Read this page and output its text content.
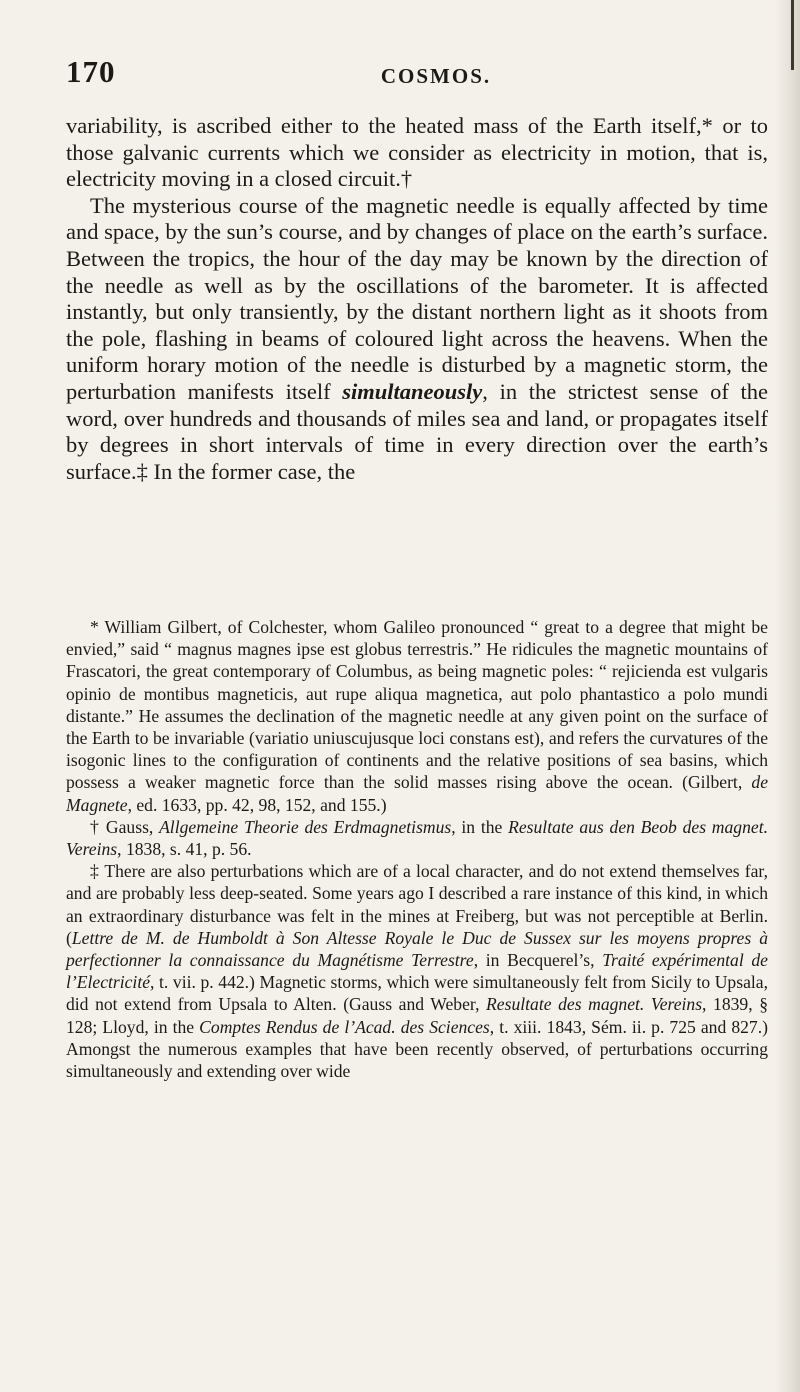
170	COSMOS.

variability, is ascribed either to the heated mass of the Earth itself,* or to those galvanic currents which we consider as electricity in motion, that is, electricity moving in a closed circuit.†

The mysterious course of the magnetic needle is equally affected by time and space, by the sun’s course, and by changes of place on the earth’s surface. Between the tropics, the hour of the day may be known by the direction of the needle as well as by the oscillations of the barometer. It is affected instantly, but only transiently, by the distant northern light as it shoots from the pole, flashing in beams of coloured light across the heavens. When the uniform horary motion of the needle is disturbed by a magnetic storm, the perturbation manifests itself simultaneously, in the strictest sense of the word, over hundreds and thousands of miles sea and land, or propagates itself by degrees in short intervals of time in every direction over the earth’s surface.‡ In the former case, the

* William Gilbert, of Colchester, whom Galileo pronounced “ great to a degree that might be envied,” said “ magnus magnes ipse est globus terrestris.” He ridicules the magnetic mountains of Frascatori, the great contemporary of Columbus, as being magnetic poles: “ rejicienda est vulgaris opinio de montibus magneticis, aut rupe aliqua magnetica, aut polo phantastico a polo mundi distante.” He assumes the declination of the magnetic needle at any given point on the surface of the Earth to be invariable (variatio uniuscujusque loci constans est), and refers the curvatures of the isogonic lines to the configuration of continents and the relative positions of sea basins, which possess a weaker magnetic force than the solid masses rising above the ocean. (Gilbert, de Magnete, ed. 1633, pp. 42, 98, 152, and 155.)

† Gauss, Allgemeine Theorie des Erdmagnetismus, in the Resultate aus den Beob des magnet. Vereins, 1838, s. 41, p. 56.

‡ There are also perturbations which are of a local character, and do not extend themselves far, and are probably less deep-seated. Some years ago I described a rare instance of this kind, in which an extraordinary disturbance was felt in the mines at Freiberg, but was not perceptible at Berlin. (Lettre de M. de Humboldt à Son Altesse Royale le Duc de Sussex sur les moyens propres à perfectionner la connaissance du Magnétisme Terrestre, in Becquerel’s, Traité expérimental de l’Electricité, t. vii. p. 442.) Magnetic storms, which were simultaneously felt from Sicily to Upsala, did not extend from Upsala to Alten. (Gauss and Weber, Resultate des magnet. Vereins, 1839, § 128; Lloyd, in the Comptes Rendus de l’Acad. des Sciences, t. xiii. 1843, Sém. ii. p. 725 and 827.) Amongst the numerous examples that have been recently observed, of perturbations occurring simultaneously and extending over wide
